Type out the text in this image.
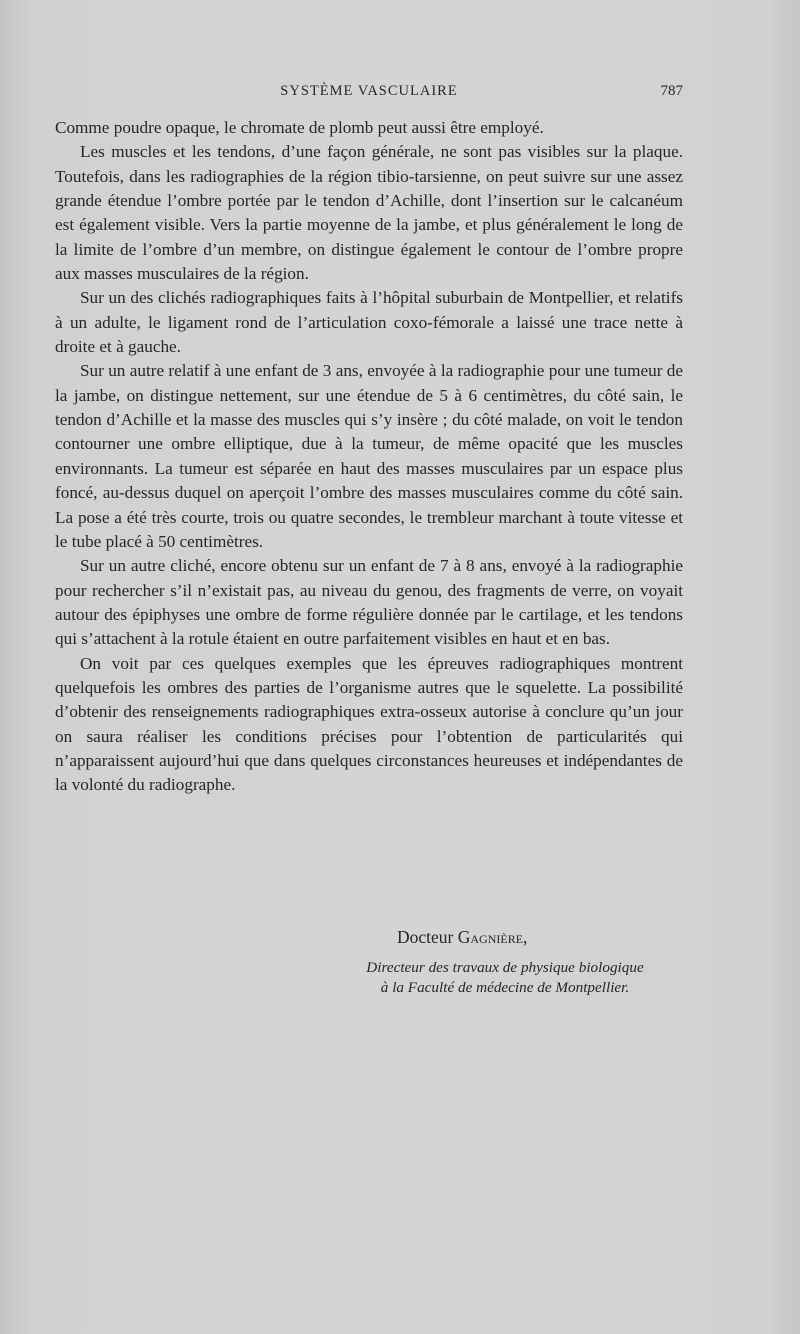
SYSTÈME VASCULAIRE	787

Comme poudre opaque, le chromate de plomb peut aussi être employé.

Les muscles et les tendons, d’une façon générale, ne sont pas visibles sur la plaque. Toutefois, dans les radiographies de la région tibio-tarsienne, on peut suivre sur une assez grande étendue l’ombre portée par le tendon d’Achille, dont l’insertion sur le calcanéum est également visible. Vers la partie moyenne de la jambe, et plus généralement le long de la limite de l’ombre d’un membre, on distingue également le contour de l’ombre propre aux masses musculaires de la région.

Sur un des clichés radiographiques faits à l’hôpital suburbain de Montpellier, et relatifs à un adulte, le ligament rond de l’articulation coxo-fémorale a laissé une trace nette à droite et à gauche.

Sur un autre relatif à une enfant de 3 ans, envoyée à la radiographie pour une tumeur de la jambe, on distingue nettement, sur une étendue de 5 à 6 centimètres, du côté sain, le tendon d’Achille et la masse des muscles qui s’y insère ; du côté malade, on voit le tendon contourner une ombre elliptique, due à la tumeur, de même opacité que les muscles environnants. La tumeur est séparée en haut des masses musculaires par un espace plus foncé, au-dessus duquel on aperçoit l’ombre des masses musculaires comme du côté sain. La pose a été très courte, trois ou quatre secondes, le trembleur marchant à toute vitesse et le tube placé à 50 centimètres.

Sur un autre cliché, encore obtenu sur un enfant de 7 à 8 ans, envoyé à la radiographie pour rechercher s’il n’existait pas, au niveau du genou, des fragments de verre, on voyait autour des épiphyses une ombre de forme régulière donnée par le cartilage, et les tendons qui s’attachent à la rotule étaient en outre parfaitement visibles en haut et en bas.

On voit par ces quelques exemples que les épreuves radiographiques montrent quelquefois les ombres des parties de l’organisme autres que le squelette. La possibilité d’obtenir des renseignements radiographiques extra-osseux autorise à conclure qu’un jour on saura réaliser les conditions précises pour l’obtention de particularités qui n’apparaissent aujourd’hui que dans quelques circonstances heureuses et indépendantes de la volonté du radiographe.

Docteur Gagnière,
Directeur des travaux de physique biologique
à la Faculté de médecine de Montpellier.
